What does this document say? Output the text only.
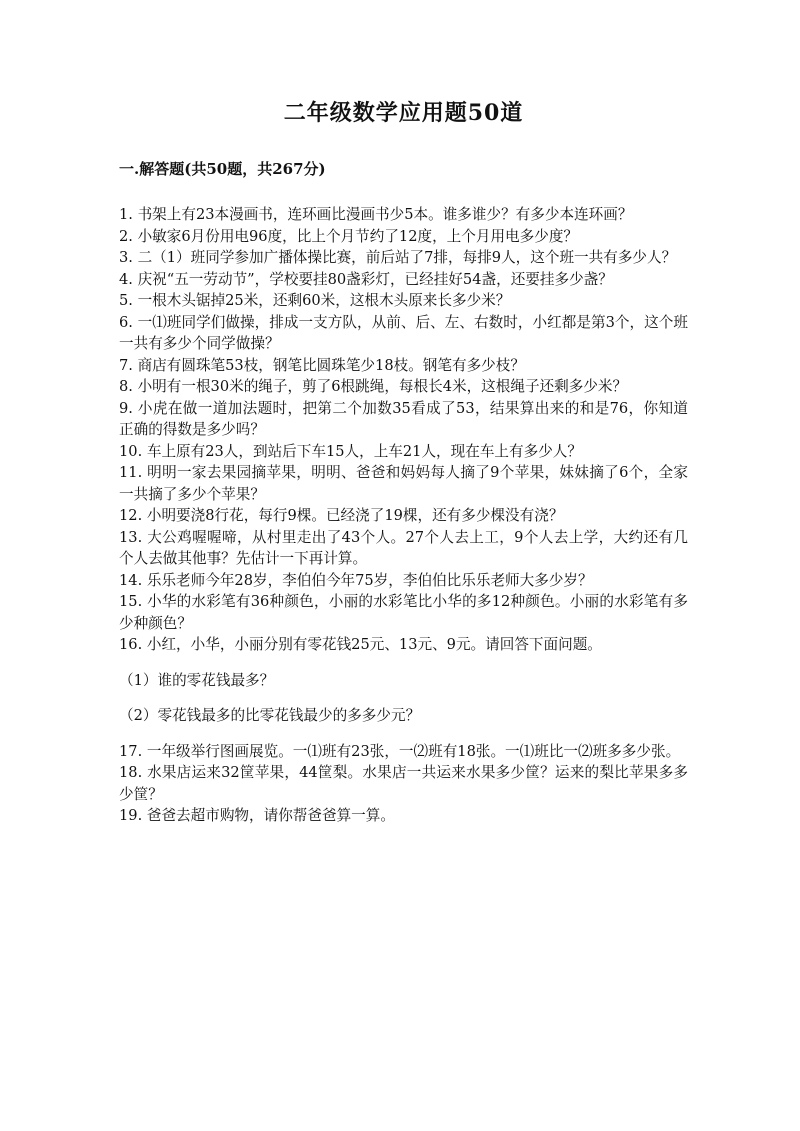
二年级数学应用题50道
一.解答题(共50题，共267分)
1. 书架上有23本漫画书，连环画比漫画书少5本。谁多谁少？有多少本连环画？
2. 小敏家6月份用电96度，比上个月节约了12度，上个月用电多少度？
3. 二（1）班同学参加广播体操比赛，前后站了7排，每排9人，这个班一共有多少人？
4. 庆祝“五一劳动节”，学校要挂80盏彩灯，已经挂好54盏，还要挂多少盏？
5. 一根木头锯掉25米，还剩60米，这根木头原来长多少米？
6. 一⑴班同学们做操，排成一支方队，从前、后、左、右数时，小红都是第3个，这个班一共有多少个同学做操？
7. 商店有圆珠笔53枝，钢笔比圆珠笔少18枝。钢笔有多少枝？
8. 小明有一根30米的绳子，剪了6根跳绳，每根长4米，这根绳子还剩多少米？
9. 小虎在做一道加法题时，把第二个加数35看成了53，结果算出来的和是76，你知道正确的得数是多少吗？
10. 车上原有23人，到站后下车15人，上车21人，现在车上有多少人？
11. 明明一家去果园摘苹果，明明、爸爸和妈妈每人摘了9个苹果，妹妹摘了6个，全家一共摘了多少个苹果？
12. 小明要浇8行花，每行9棵。已经浇了19棵，还有多少棵没有浇？
13. 大公鸡喔喔啼，从村里走出了43个人。27个人去上工，9个人去上学，大约还有几个人去做其他事？先估计一下再计算。
14. 乐乐老师今年28岁，李伯伯今年75岁，李伯伯比乐乐老师大多少岁？
15. 小华的水彩笔有36种颜色，小丽的水彩笔比小华的多12种颜色。小丽的水彩笔有多少种颜色？
16. 小红，小华，小丽分别有零花钱25元、13元、9元。请回答下面问题。
（1）谁的零花钱最多？
（2）零花钱最多的比零花钱最少的多多少元？
17. 一年级举行图画展览。一⑴班有23张，一⑵班有18张。一⑴班比一⑵班多多少张。
18. 水果店运来32筐苹果，44筐梨。水果店一共运来水果多少筐？运来的梨比苹果多多少筐？
19. 爸爸去超市购物，请你帮爸爸算一算。
